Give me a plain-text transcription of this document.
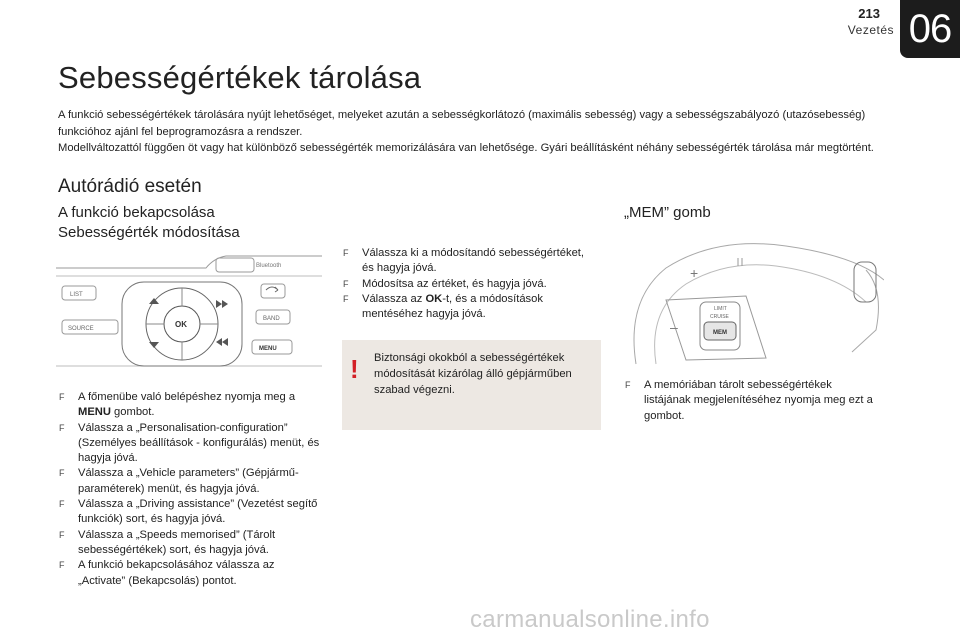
213
Vezetés 06
Sebességértékek tárolása

A funkció sebességértékek tárolására nyújt lehetőséget, melyeket azután a sebességkorlátozó (maximális sebesség) vagy a sebességszabályozó (utazósebesség) funkcióhoz ajánl fel beprogramozásra a rendszer.

Modellváltozattól függően öt vagy hat különböző sebességérték memorizálására van lehetősége. Gyári beállításként néhány sebességérték tárolása már megtörtént.

Autórádió esetén
A funkció bekapcsolása
Sebességérték módosítása
„MEM” gomb
Bluetooth
LIST
SOURCE
BAND
OK
MENU
+
–
LIMIT
CRUISE
MEM
F A főmenübe való belépéshez nyomja meg a MENU gombot.
F Válassza a „Personalisation-configuration” (Személyes beállítások - konfigurálás) menüt, és hagyja jóvá.
F Válassza a „Vehicle parameters” (Gépjármű-paraméterek) menüt, és hagyja jóvá.
F Válassza a „Driving assistance” (Vezetést segítő funkciók) sort, és hagyja jóvá.
F Válassza a „Speeds memorised” (Tárolt sebességértékek) sort, és hagyja jóvá.
F A funkció bekapcsolásához válassza az „Activate” (Bekapcsolás) pontot.
F Válassza ki a módosítandó sebességértéket, és hagyja jóvá.
F Módosítsa az értéket, és hagyja jóvá.
F Válassza az OK-t, és a módosítások mentéséhez hagyja jóvá.
! Biztonsági okokból a sebességértékek módosítását kizárólag álló gépjárműben szabad végezni.	F A memóriában tárolt sebességértékek listájának megjelenítéséhez nyomja meg ezt a gombot.
carmanualsonline.info
